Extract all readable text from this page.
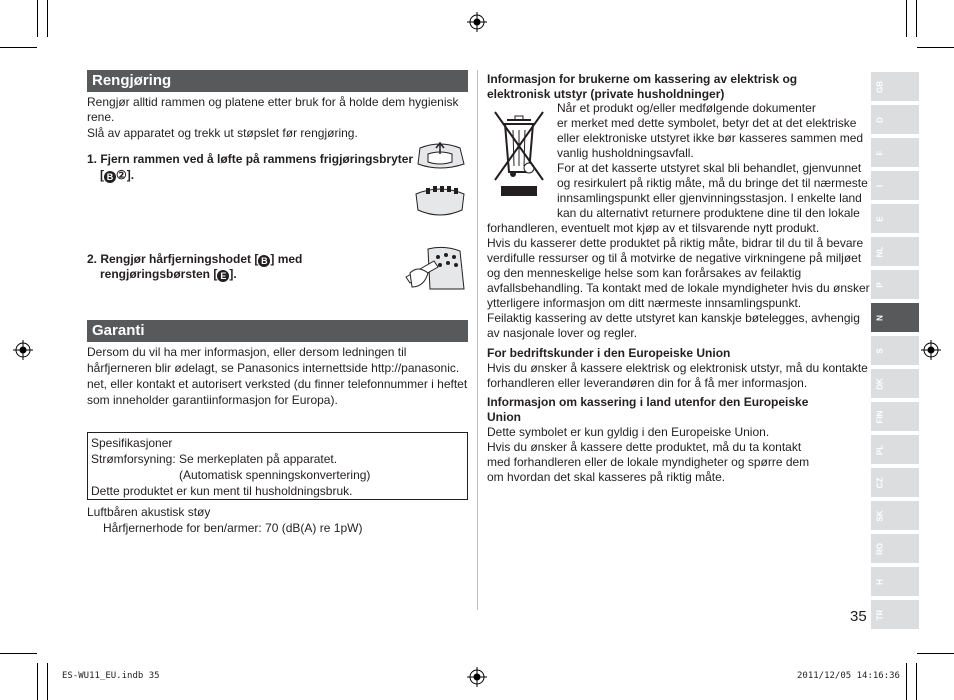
Rengjøring
Rengjør alltid rammen og platene etter bruk for å holde dem hygienisk
rene.
Slå av apparatet og trekk ut støpslet før rengjøring.
1. Fjern rammen ved å løfte på rammens frigjøringsbryter
[ B ②].
2. Rengjør hårfjerningshodet [ B ] med
rengjøringsbørsten [ E ].
Garanti
Dersom du vil ha mer informasjon, eller dersom ledningen til
hårfjerneren blir ødelagt, se Panasonics internettside http://panasonic.
net, eller kontakt et autorisert verksted (du finner telefonnummer i heftet
som inneholder garantiinformasjon for Europa).
Spesifikasjoner
Strømforsyning: Se merkeplaten på apparatet.
(Automatisk spenningskonvertering)
Dette produktet er kun ment til husholdningsbruk.
Luftbåren akustisk støy
Hårfjernerhode for ben/armer: 70 (dB(A) re 1pW)
Informasjon for brukerne om kassering av elektrisk og
elektronisk utstyr (private husholdninger)
Når et produkt og/eller medfølgende dokumenter
er merket med dette symbolet, betyr det at det elektriske
eller elektroniske utstyret ikke bør kasseres sammen med
vanlig husholdningsavfall.
For at det kasserte utstyret skal bli behandlet, gjenvunnet
og resirkulert på riktig måte, må du bringe det til nærmeste
innsamlingspunkt eller gjenvinningsstasjon. I enkelte land
kan du alternativt returnere produktene dine til den lokale
forhandleren, eventuelt mot kjøp av et tilsvarende nytt produkt.
Hvis du kasserer dette produktet på riktig måte, bidrar til du til å bevare
verdifulle ressurser og til å motvirke de negative virkningene på miljøet
og den menneskelige helse som kan forårsakes av feilaktig
avfallsbehandling. Ta kontakt med de lokale myndigheter hvis du ønsker
ytterligere informasjon om ditt nærmeste innsamlingspunkt.
Feilaktig kassering av dette utstyret kan kanskje bøtelegges, avhengig
av nasjonale lover og regler.
For bedriftskunder i den Europeiske Union
Hvis du ønsker å kassere elektrisk og elektronisk utstyr, må du kontakte
forhandleren eller leverandøren din for å få mer informasjon.
Informasjon om kassering i land utenfor den Europeiske
Union
Dette symbolet er kun gyldig i den Europeiske Union.
Hvis du ønsker å kassere dette produktet, må du ta kontakt
med forhandleren eller de lokale myndigheter og spørre dem
om hvordan det skal kasseres på riktig måte.
GB
D
F
I
E
NL
P
N
S
DK
FIN
PL
CZ
SK
RO
H
TR
35
ES-WU11_EU.indb 35	2011/12/05 14:16:36
